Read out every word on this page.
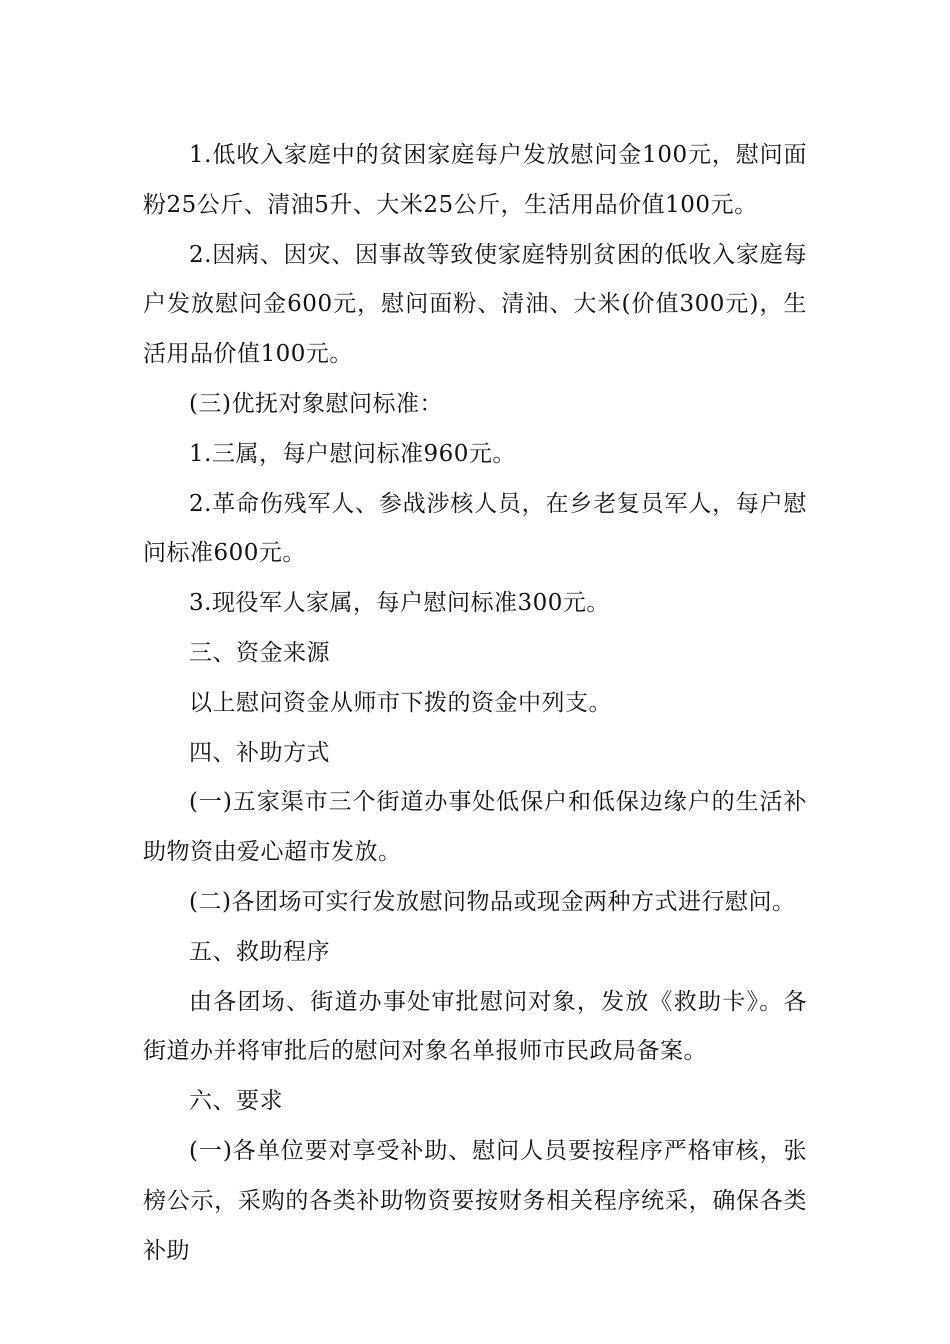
1.低收入家庭中的贫困家庭每户发放慰问金100元，慰问面粉25公斤、清油5升、大米25公斤，生活用品价值100元。

2.因病、因灾、因事故等致使家庭特别贫困的低收入家庭每户发放慰问金600元，慰问面粉、清油、大米(价值300元)，生活用品价值100元。

(三)优抚对象慰问标准：

1.三属，每户慰问标准960元。

2.革命伤残军人、参战涉核人员，在乡老复员军人，每户慰问标准600元。

3.现役军人家属，每户慰问标准300元。

三、资金来源

以上慰问资金从师市下拨的资金中列支。

四、补助方式

(一)五家渠市三个街道办事处低保户和低保边缘户的生活补助物资由爱心超市发放。

(二)各团场可实行发放慰问物品或现金两种方式进行慰问。

五、救助程序

由各团场、街道办事处审批慰问对象，发放《救助卡》。各街道办并将审批后的慰问对象名单报师市民政局备案。

六、要求

(一)各单位要对享受补助、慰问人员要按程序严格审核，张榜公示，采购的各类补助物资要按财务相关程序统采，确保各类补助
